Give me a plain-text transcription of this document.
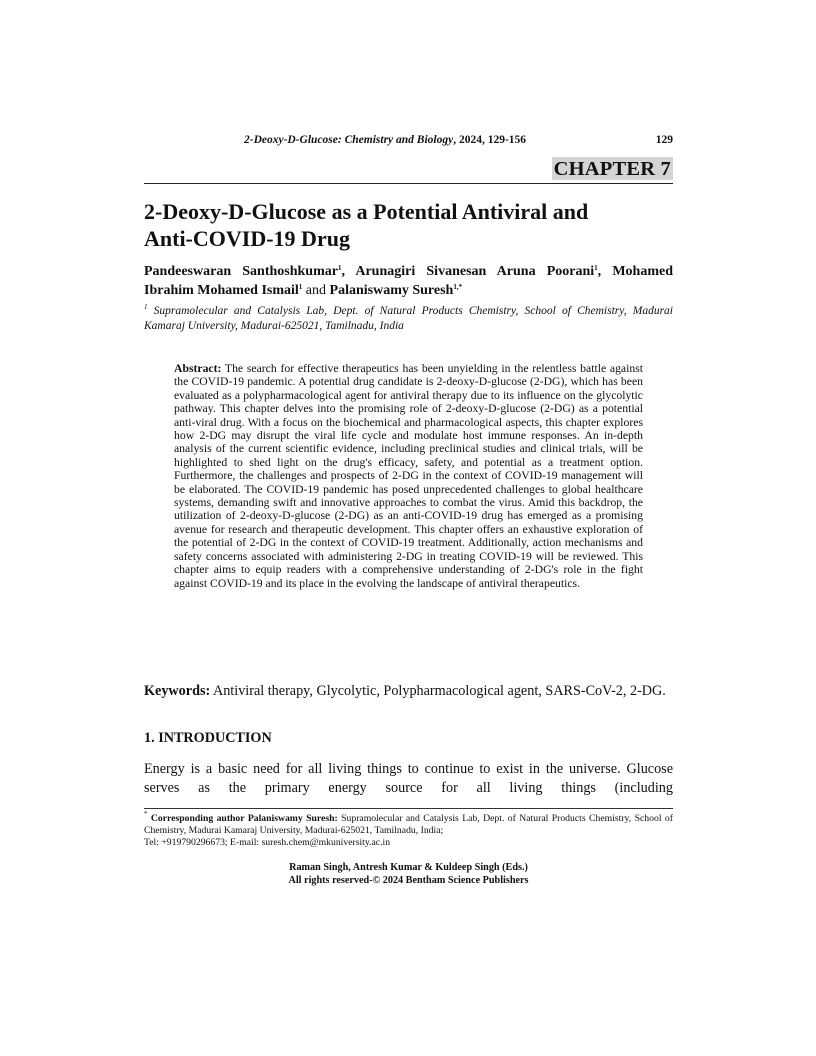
2-Deoxy-D-Glucose: Chemistry and Biology, 2024, 129-156	129
CHAPTER 7
2-Deoxy-D-Glucose as a Potential Antiviral and
Anti-COVID-19 Drug

Pandeeswaran Santhoshkumar$^1$, Arunagiri Sivanesan Aruna Poorani$^1$, Mohamed Ibrahim Mohamed Ismail$^1$ and Palaniswamy Suresh$^{1,*}$

$^1$ Supramolecular and Catalysis Lab, Dept. of Natural Products Chemistry, School of Chemistry, Madurai Kamaraj University, Madurai-625021, Tamilnadu, India

Abstract: The search for effective therapeutics has been unyielding in the relentless battle against the COVID-19 pandemic. A potential drug candidate is 2-deoxy-D-glucose (2-DG), which has been evaluated as a polypharmacological agent for antiviral therapy due to its influence on the glycolytic pathway. This chapter delves into the promising role of 2-deoxy-D-glucose (2-DG) as a potential anti-viral drug. With a focus on the biochemical and pharmacological aspects, this chapter explores how 2-DG may disrupt the viral life cycle and modulate host immune responses. An in-depth analysis of the current scientific evidence, including preclinical studies and clinical trials, will be highlighted to shed light on the drug's efficacy, safety, and potential as a treatment option. Furthermore, the challenges and prospects of 2-DG in the context of COVID-19 management will be elaborated. The COVID-19 pandemic has posed unprecedented challenges to global healthcare systems, demanding swift and innovative approaches to combat the virus. Amid this backdrop, the utilization of 2-deoxy-D-glucose (2-DG) as an anti-COVID-19 drug has emerged as a promising avenue for research and therapeutic development. This chapter offers an exhaustive exploration of the potential of 2-DG in the context of COVID-19 treatment. Additionally, action mechanisms and safety concerns associated with administering 2-DG in treating COVID-19 will be reviewed. This chapter aims to equip readers with a comprehensive understanding of 2-DG's role in the fight against COVID-19 and its place in the evolving the landscape of antiviral therapeutics.

Keywords: Antiviral therapy, Glycolytic, Polypharmacological agent, SARS-CoV-2, 2-DG.

1. INTRODUCTION

Energy is a basic need for all living things to continue to exist in the universe. Glucose serves as the primary energy source for all living things (including

* Corresponding author Palaniswamy Suresh: Supramolecular and Catalysis Lab, Dept. of Natural Products Chemistry, School of Chemistry, Madurai Kamaraj University, Madurai-625021, Tamilnadu, India;
Tel: +919790296673; E-mail: suresh.chem@mkuniversity.ac.in

Raman Singh, Antresh Kumar & Kuldeep Singh (Eds.)
All rights reserved-© 2024 Bentham Science Publishers
